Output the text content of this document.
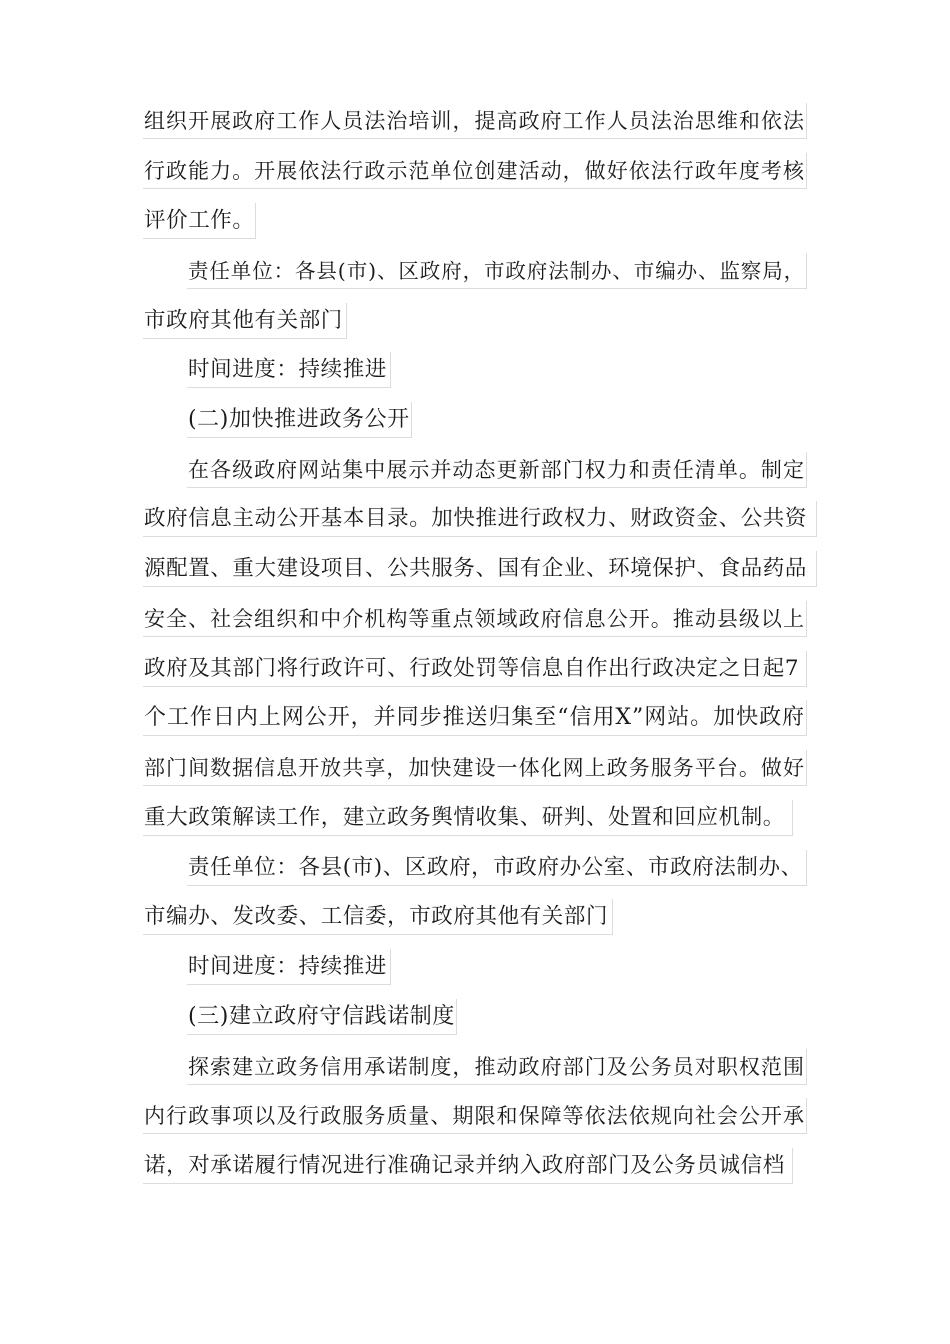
组织开展政府工作人员法治培训，提高政府工作人员法治思维和依法
行政能力。开展依法行政示范单位创建活动，做好依法行政年度考核
评价工作。
责任单位：各县(市)、区政府，市政府法制办、市编办、监察局，
市政府其他有关部门
时间进度：持续推进
(二)加快推进政务公开
在各级政府网站集中展示并动态更新部门权力和责任清单。制定
政府信息主动公开基本目录。加快推进行政权力、财政资金、公共资
源配置、重大建设项目、公共服务、国有企业、环境保护、食品药品
安全、社会组织和中介机构等重点领域政府信息公开。推动县级以上
政府及其部门将行政许可、行政处罚等信息自作出行政决定之日起7
个工作日内上网公开，并同步推送归集至“信用X”网站。加快政府
部门间数据信息开放共享，加快建设一体化网上政务服务平台。做好
重大政策解读工作，建立政务舆情收集、研判、处置和回应机制。
责任单位：各县(市)、区政府，市政府办公室、市政府法制办、
市编办、发改委、工信委，市政府其他有关部门
时间进度：持续推进
(三)建立政府守信践诺制度
探索建立政务信用承诺制度，推动政府部门及公务员对职权范围
内行政事项以及行政服务质量、期限和保障等依法依规向社会公开承
诺，对承诺履行情况进行准确记录并纳入政府部门及公务员诚信档
